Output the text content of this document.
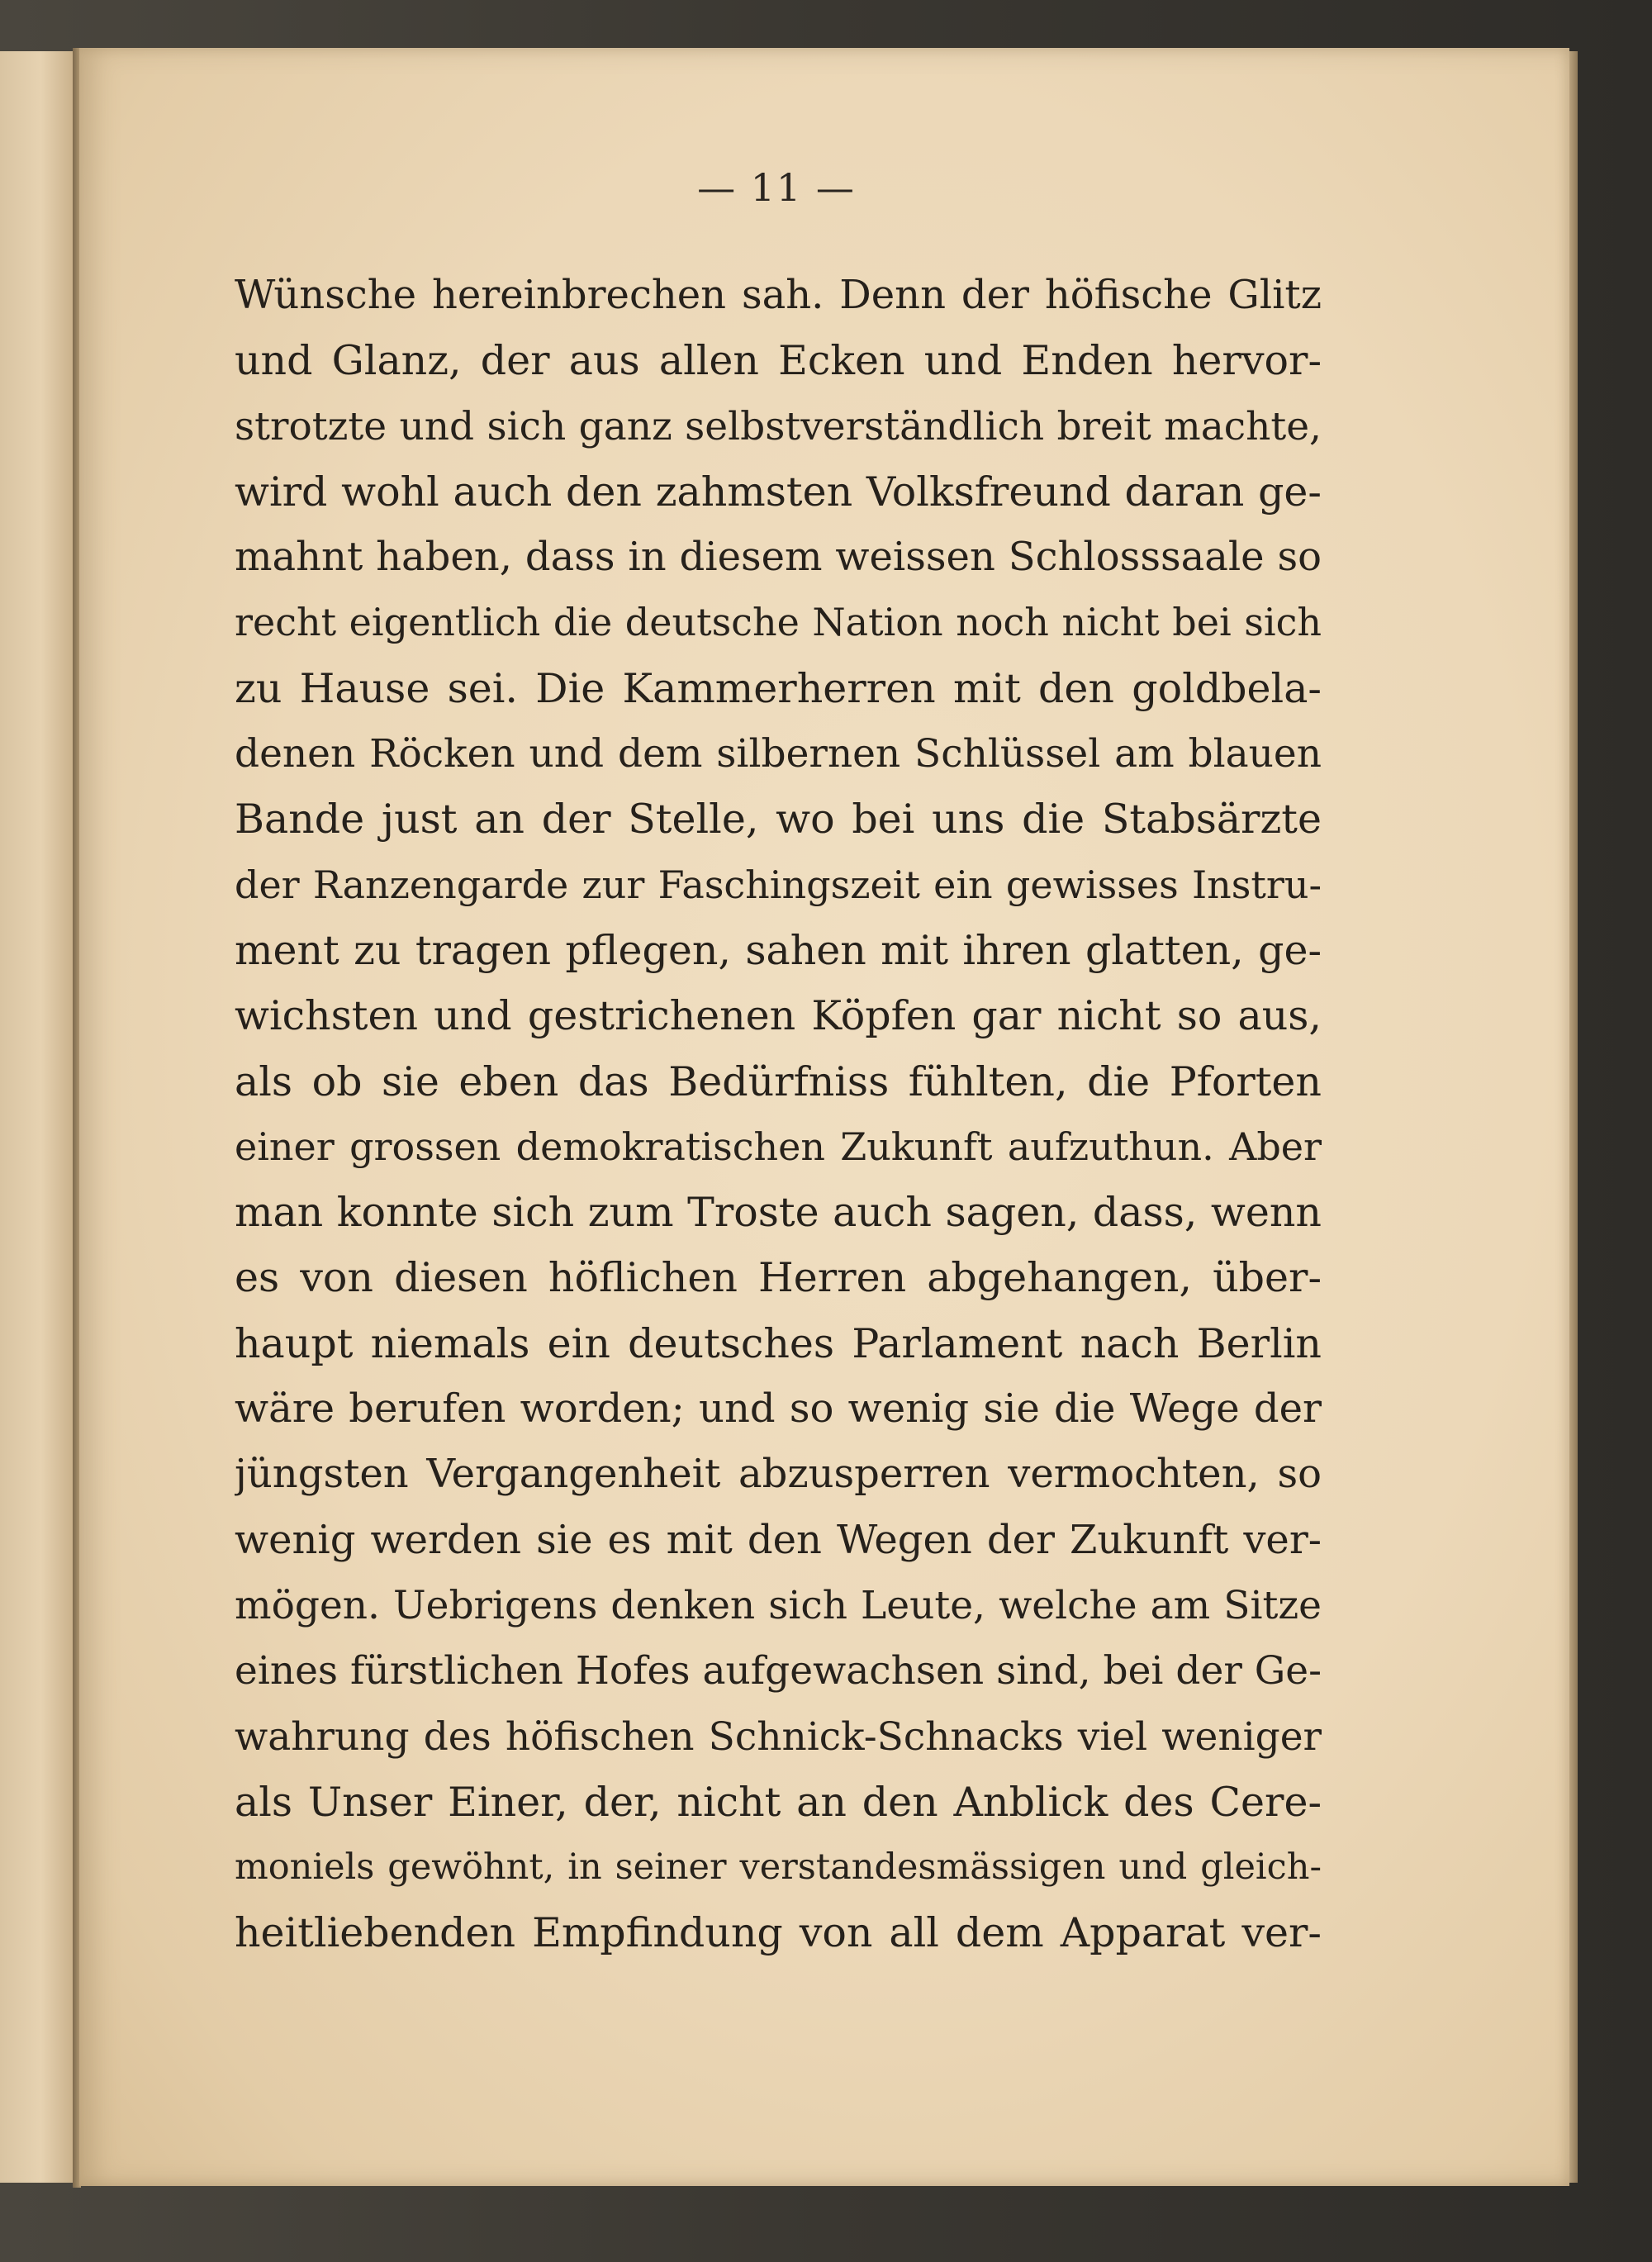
— 11 —
Wünsche hereinbrechen sah. Denn der höfische Glitz
und Glanz, der aus allen Ecken und Enden hervor-
strotzte und sich ganz selbstverständlich breit machte,
wird wohl auch den zahmsten Volksfreund daran ge-
mahnt haben, dass in diesem weissen Schlosssaale so
recht eigentlich die deutsche Nation noch nicht bei sich
zu Hause sei. Die Kammerherren mit den goldbela-
denen Röcken und dem silbernen Schlüssel am blauen
Bande just an der Stelle, wo bei uns die Stabsärzte
der Ranzengarde zur Faschingszeit ein gewisses Instru-
ment zu tragen pflegen, sahen mit ihren glatten, ge-
wichsten und gestrichenen Köpfen gar nicht so aus,
als ob sie eben das Bedürfniss fühlten, die Pforten
einer grossen demokratischen Zukunft aufzuthun. Aber
man konnte sich zum Troste auch sagen, dass, wenn
es von diesen höflichen Herren abgehangen, über-
haupt niemals ein deutsches Parlament nach Berlin
wäre berufen worden; und so wenig sie die Wege der
jüngsten Vergangenheit abzusperren vermochten, so
wenig werden sie es mit den Wegen der Zukunft ver-
mögen. Uebrigens denken sich Leute, welche am Sitze
eines fürstlichen Hofes aufgewachsen sind, bei der Ge-
wahrung des höfischen Schnick-Schnacks viel weniger
als Unser Einer, der, nicht an den Anblick des Cere-
moniels gewöhnt, in seiner verstandesmässigen und gleich-
heitliebenden Empfindung von all dem Apparat ver-
